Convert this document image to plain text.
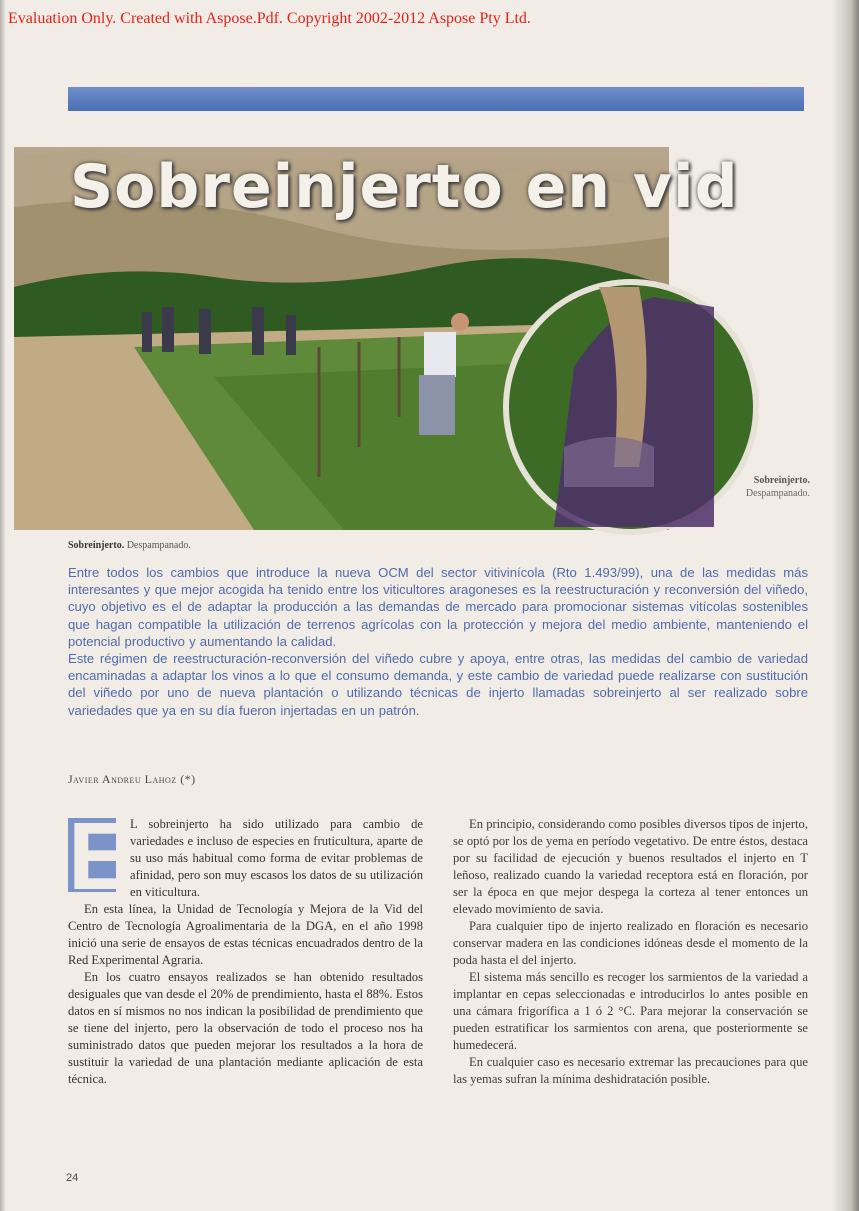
Evaluation Only. Created with Aspose.Pdf. Copyright 2002-2012 Aspose Pty Ltd.
Sobreinjerto en vid
Sobreinjerto.
Despampanado.
Sobreinjerto. Despampanado.

Entre todos los cambios que introduce la nueva OCM del sector vitivinícola (Rto 1.493/99), una de las medidas más interesantes y que mejor acogida ha tenido entre los viticultores aragoneses es la reestructuración y reconversión del viñedo, cuyo objetivo es el de adaptar la producción a las demandas de mercado para promocionar sistemas vitícolas sostenibles que hagan compatible la utilización de terrenos agrícolas con la protección y mejora del medio ambiente, manteniendo el potencial productivo y aumentando la calidad.

Este régimen de reestructuración-reconversión del viñedo cubre y apoya, entre otras, las medidas del cambio de variedad encaminadas a adaptar los vinos a lo que el consumo demanda, y este cambio de variedad puede realizarse con sustitución del viñedo por uno de nueva plantación o utilizando técnicas de injerto llamadas sobreinjerto al ser realizado sobre variedades que ya en su día fueron injertadas en un patrón.

Javier Andreu Lahoz (*)
E

L sobreinjerto ha sido utilizado para cambio de variedades e incluso de especies en fruticultura, aparte de su uso más habitual como forma de evitar problemas de afinidad, pero son muy escasos los datos de su utilización en viticultura.

En esta línea, la Unidad de Tecnología y Mejora de la Vid del Centro de Tecnología Agroalimentaria de la DGA, en el año 1998 inició una serie de ensayos de estas técnicas encuadrados dentro de la Red Experimental Agraria.

En los cuatro ensayos realizados se han obtenido resultados desiguales que van desde el 20% de prendimiento, hasta el 88%. Estos datos en sí mismos no nos indican la posibilidad de prendimiento que se tiene del injerto, pero la observación de todo el proceso nos ha suministrado datos que pueden mejorar los resultados a la hora de sustituir la variedad de una plantación mediante aplicación de esta técnica.

En principio, considerando como posibles diversos tipos de injerto, se optó por los de yema en período vegetativo. De entre éstos, destaca por su facilidad de ejecución y buenos resultados el injerto en T leñoso, realizado cuando la variedad receptora está en floración, por ser la época en que mejor despega la corteza al tener entonces un elevado movimiento de savia.

Para cualquier tipo de injerto realizado en floración es necesario conservar madera en las condiciones idóneas desde el momento de la poda hasta el del injerto.

El sistema más sencillo es recoger los sarmientos de la variedad a implantar en cepas seleccionadas e introducirlos lo antes posible en una cámara frigorífica a 1 ó 2 °C. Para mejorar la conservación se pueden estratificar los sarmientos con arena, que posteriormente se humedecerá.

En cualquier caso es necesario extremar las precauciones para que las yemas sufran la mínima deshidratación posible.

24
